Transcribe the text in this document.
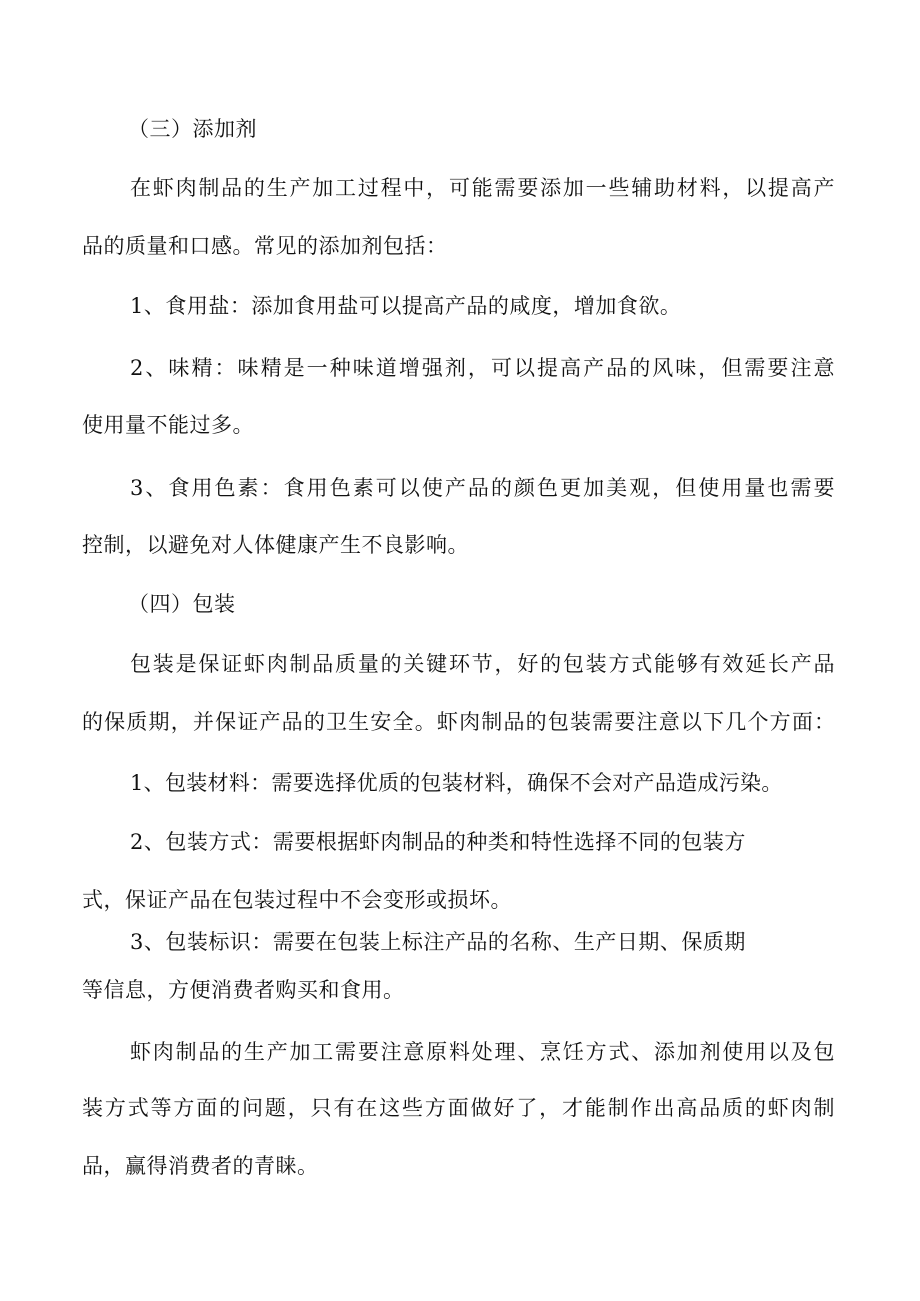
（三）添加剂
在虾肉制品的生产加工过程中，可能需要添加一些辅助材料，以提高产
品的质量和口感。常见的添加剂包括：
1、食用盐：添加食用盐可以提高产品的咸度，增加食欲。
2、味精：味精是一种味道增强剂，可以提高产品的风味，但需要注意
使用量不能过多。
3、食用色素：食用色素可以使产品的颜色更加美观，但使用量也需要
控制，以避免对人体健康产生不良影响。
（四）包装
包装是保证虾肉制品质量的关键环节，好的包装方式能够有效延长产品
的保质期，并保证产品的卫生安全。虾肉制品的包装需要注意以下几个方面：
1、包装材料：需要选择优质的包装材料，确保不会对产品造成污染。
2、包装方式：需要根据虾肉制品的种类和特性选择不同的包装方
式，保证产品在包装过程中不会变形或损坏。
3、包装标识：需要在包装上标注产品的名称、生产日期、保质期
等信息，方便消费者购买和食用。
虾肉制品的生产加工需要注意原料处理、烹饪方式、添加剂使用以及包
装方式等方面的问题，只有在这些方面做好了，才能制作出高品质的虾肉制
品，赢得消费者的青睐。
